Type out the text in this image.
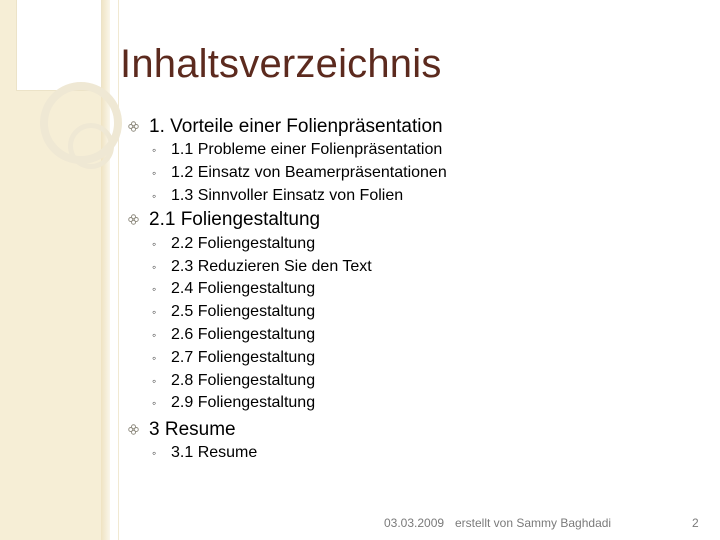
Inhaltsverzeichnis
1. Vorteile einer Folienpräsentation
◦ 1.1 Probleme einer Folienpräsentation
◦ 1.2 Einsatz von Beamerpräsentationen
◦ 1.3 Sinnvoller Einsatz von Folien
2.1 Foliengestaltung
◦ 2.2 Foliengestaltung
◦ 2.3 Reduzieren Sie den Text
◦ 2.4 Foliengestaltung
◦ 2.5 Foliengestaltung
◦ 2.6 Foliengestaltung
◦ 2.7 Foliengestaltung
◦ 2.8 Foliengestaltung
◦ 2.9 Foliengestaltung
3 Resume
◦ 3.1 Resume
03.03.2009 erstellt von Sammy Baghdadi	2
